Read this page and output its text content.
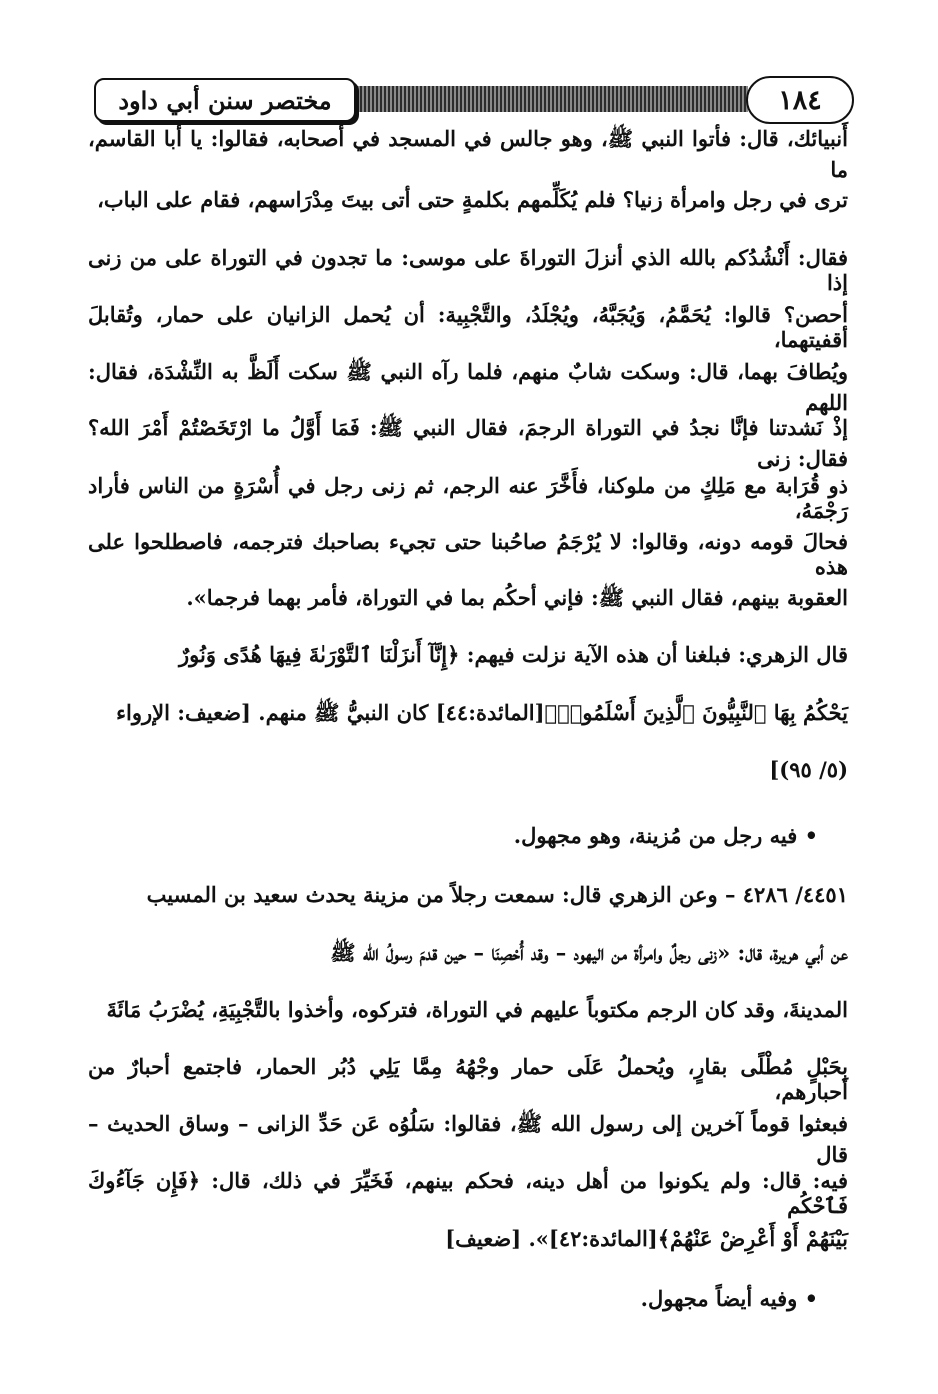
مختصر سنن أبي داود	١٨٤
أَنبيائك، قال: فأتوا النبي ﷺ، وهو جالس في المسجد في أصحابه، فقالوا: يا أبا القاسم، ما
ترى في رجل وامرأة زنيا؟ فلم يُكَلِّمهم بكلمةٍ حتى أتى بيتَ مِدْرَاسهم، فقام على الباب،
فقال: أَنْشُدُكم بالله الذي أنزلَ التوراةَ على موسى: ما تجدون في التوراة على من زنى إذا
أحصن؟ قالوا: يُحَمَّمُ، وَيُجَبَّهُ، ويُجْلَدُ، والتَّجْبِية: أن يُحمل الزانيان على حمار، وتُقابلَ أقفيتهما،
ويُطافَ بهما، قال: وسكت شابٌ منهم، فلما رآه النبي ﷺ سكت أَلَظَّ به النِّشْدَة، فقال: اللهم
إذْ نَشدتنا فإنَّا نجدُ في التوراة الرجمَ، فقال النبي ﷺ: فَمَا أَوَّلُ ما ارْتَخَصْتُمْ أَمْرَ الله؟ فقال: زنى
ذو قُرَابة مع مَلِكٍ من ملوكنا، فأَخَّرَ عنه الرجم، ثم زنى رجل في أُسْرَةٍ من الناس فأراد رَجْمَهُ،
فحالَ قومه دونه، وقالوا: لا يُرْجَمُ صاحُبنا حتى تجيء بصاحبك فترجمه، فاصطلحوا على هذه
العقوبة بينهم، فقال النبي ﷺ: فإني أحكُم بما في التوراة، فأمر بهما فرجما».
قال الزهري: فبلغنا أن هذه الآية نزلت فيهم: ﴿إِنَّآ أَنزَلْنَا ٱلتَّوْرَىٰةَ فِيهَا هُدًى وَنُورٌ
يَحْكُمُ بِهَا ٱلنَّبِيُّونَ ٱلَّذِينَ أَسْلَمُوا۟﴾[المائدة:٤٤] كان النبيُّ ﷺ منهم. [ضعيف: الإرواء
(٥/ ٩٥)]
• فيه رجل من مُزينة، وهو مجهول.
٤٤٥١/ ٤٢٨٦ – وعن الزهري قال: سمعت رجلاً من مزينة يحدث سعيد بن المسيب
عن أبي هريرة، قال: «زنى رجلٌ وامرأة من اليهود – وقد أُحْصِنَا – حين قدمَ رسولُ الله ﷺ
المدينةَ، وقد كان الرجم مكتوباً عليهم في التوراة، فتركوه، وأخذوا بالتَّجْبِيَةِ، يُضْرَبُ مَائَةَ
بِحَبْلٍ مُطْلًى بقارٍ، ويُحملُ عَلَى حمار وجْهُهُ مِمَّا يَلِي دُبُر الحمار، فاجتمع أحبارٌ من أحبارهم،
فبعثوا قوماً آخرين إلى رسول الله ﷺ، فقالوا: سَلُوُه عَن حَدِّ الزانى – وساق الحديث – قال
فيه: قال: ولم يكونوا من أهل دينه، فحكم بينهم، فَخَيِّرَ في ذلك، قال: ﴿فَإِن جَآءُوكَ فَٱحْكُم
بَيْنَهُمْ أَوْ أَعْرِضْ عَنْهُمْ﴾[المائدة:٤٢]». [ضعيف]
• وفيه أيضاً مجهول.
